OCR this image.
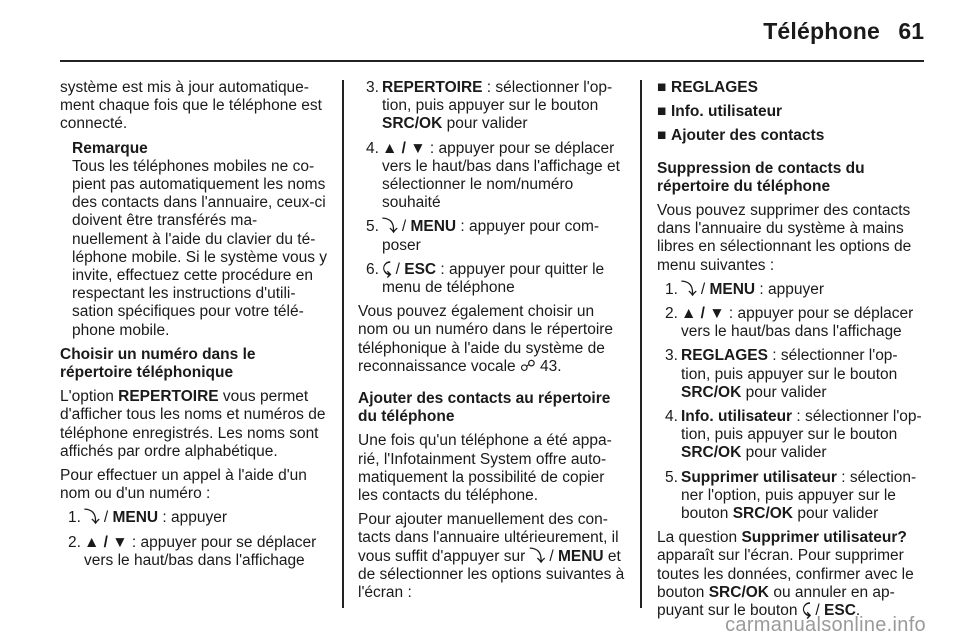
Téléphone 61

système est mis à jour automatique-ment chaque fois que le téléphone est connecté.

Remarque
Tous les téléphones mobiles ne co-pient pas automatiquement les noms des contacts dans l'annuaire, ceux-ci doivent être transférés ma-nuellement à l'aide du clavier du té-léphone mobile. Si le système vous y invite, effectuez cette procédure en respectant les instructions d'utili-sation spécifiques pour votre télé-phone mobile.

Choisir un numéro dans le répertoire téléphonique

L'option REPERTOIRE vous permet d'afficher tous les noms et numéros de téléphone enregistrés. Les noms sont affichés par ordre alphabétique.

Pour effectuer un appel à l'aide d'un nom ou d'un numéro :

1. ⤵ / MENU : appuyer
2. ▲ / ▼ : appuyer pour se déplacer vers le haut/bas dans l'affichage
3. REPERTOIRE : sélectionner l'op-tion, puis appuyer sur le bouton SRC/OK pour valider
4. ▲ / ▼ : appuyer pour se déplacer vers le haut/bas dans l'affichage et sélectionner le nom/numéro souhaité
5. ⤵ / MENU : appuyer pour com-poser
6. ⤹ / ESC : appuyer pour quitter le menu de téléphone

Vous pouvez également choisir un nom ou un numéro dans le répertoire téléphonique à l'aide du système de reconnaissance vocale ☍ 43.

Ajouter des contacts au répertoire du téléphone

Une fois qu'un téléphone a été appa-rié, l'Infotainment System offre auto-matiquement la possibilité de copier les contacts du téléphone.

Pour ajouter manuellement des con-tacts dans l'annuaire ultérieurement, il vous suffit d'appuyer sur ⤵ / MENU et de sélectionner les options suivantes à l'écran :

■ REGLAGES
■ Info. utilisateur
■ Ajouter des contacts

Suppression de contacts du répertoire du téléphone

Vous pouvez supprimer des contacts dans l'annuaire du système à mains libres en sélectionnant les options de menu suivantes :

1. ⤵ / MENU : appuyer
2. ▲ / ▼ : appuyer pour se déplacer vers le haut/bas dans l'affichage
3. REGLAGES : sélectionner l'op-tion, puis appuyer sur le bouton SRC/OK pour valider
4. Info. utilisateur : sélectionner l'op-tion, puis appuyer sur le bouton SRC/OK pour valider
5. Supprimer utilisateur : sélection-ner l'option, puis appuyer sur le bouton SRC/OK pour valider

La question Supprimer utilisateur? apparaît sur l'écran. Pour supprimer toutes les données, confirmer avec le bouton SRC/OK ou annuler en ap-puyant sur le bouton ⤹ / ESC.

carmanualsonline.info
